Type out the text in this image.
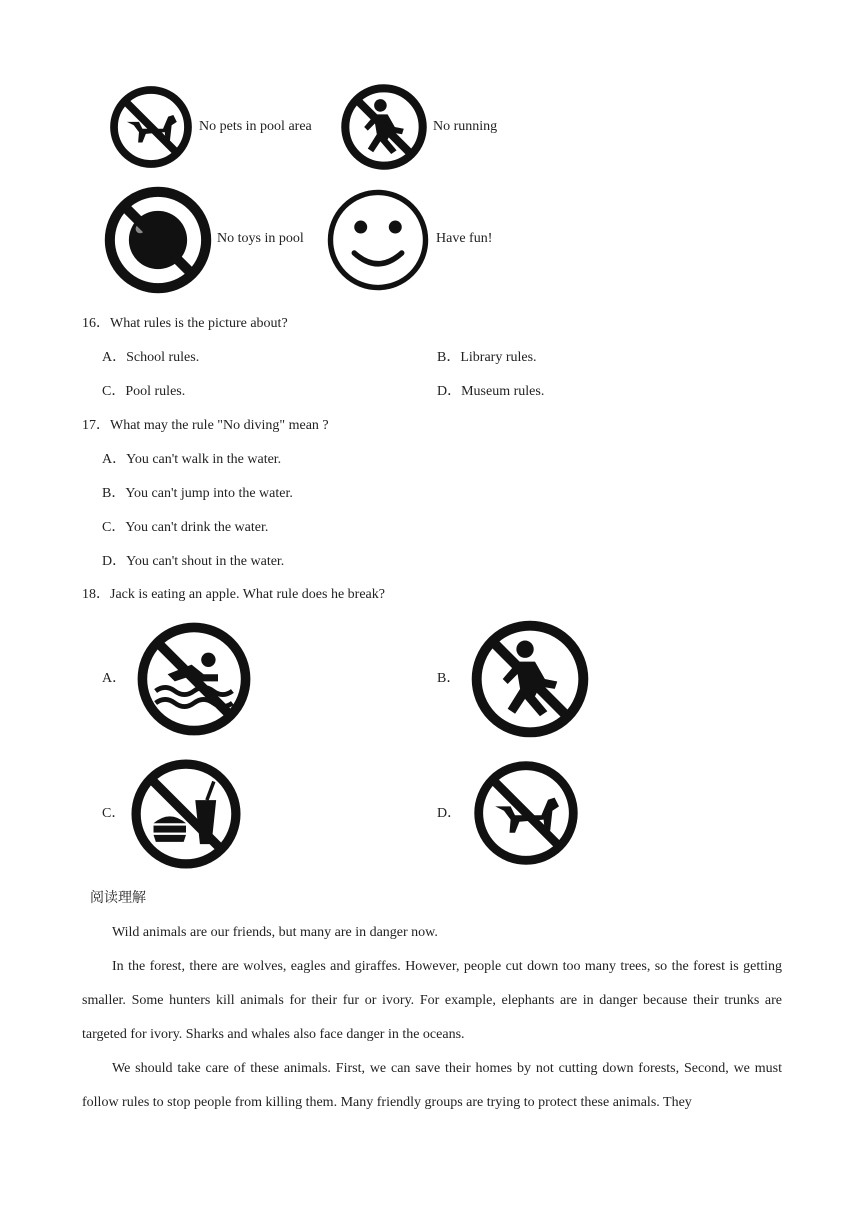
No pets in pool area	No running
No toys in pool	Have fun!
16．What rules is the picture about?
A．School rules.	B．Library rules.
C．Pool rules.	D．Museum rules.
17．What may the rule "No diving" mean ?
A．You can't walk in the water.
B．You can't jump into the water.
C．You can't drink the water.
D．You can't shout in the water.
18．Jack is eating an apple. What rule does he break?
A．	B．
C．	D．
阅读理解

Wild animals are our friends, but many are in danger now.

In the forest, there are wolves, eagles and giraffes. However, people cut down too many trees, so the forest is getting smaller. Some hunters kill animals for their fur or ivory. For example, elephants are in danger because their trunks are targeted for ivory. Sharks and whales also face danger in the oceans.

We should take care of these animals. First, we can save their homes by not cutting down forests, Second, we must follow rules to stop people from killing them. Many friendly groups are trying to protect these animals. They
